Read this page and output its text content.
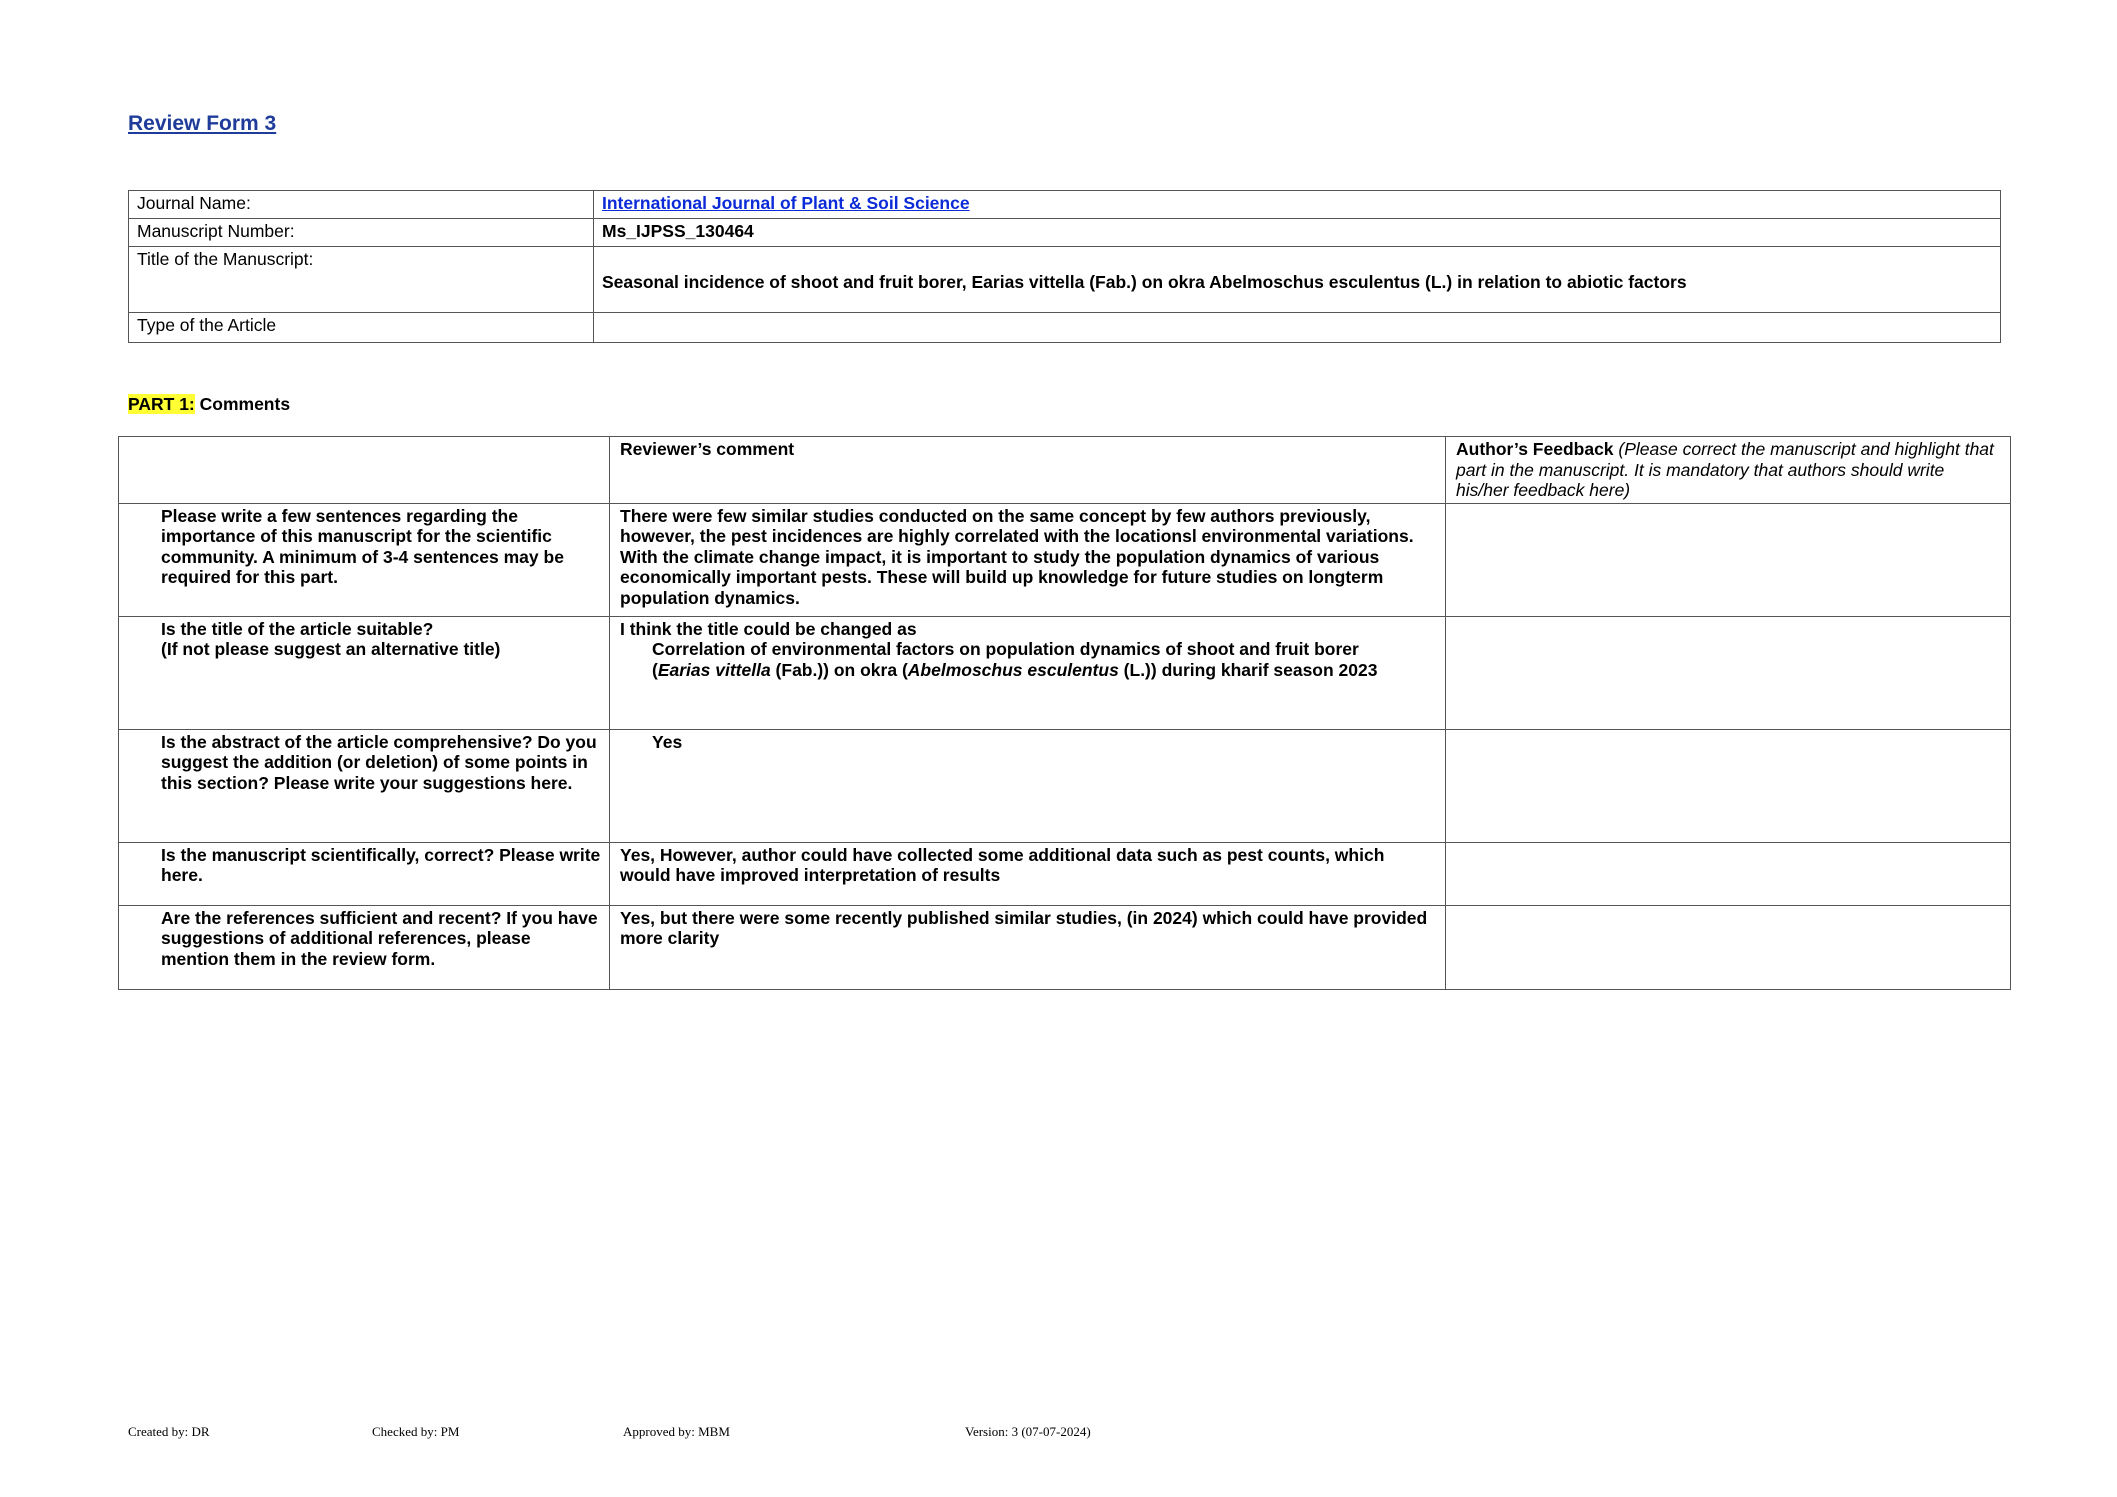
Review Form 3
Journal Name:	International Journal of Plant & Soil Science
Manuscript Number:	Ms_IJPSS_130464
Title of the Manuscript:	Seasonal incidence of shoot and fruit borer, Earias vittella (Fab.) on okra Abelmoschus esculentus (L.) in relation to abiotic factors
Type of the Article	
PART 1: Comments
	Reviewer’s comment	Author’s Feedback (Please correct the manuscript and highlight that part in the manuscript. It is mandatory that authors should write his/her feedback here)
Please write a few sentences regarding the importance of this manuscript for the scientific community. A minimum of 3-4 sentences may be required for this part.	There were few similar studies conducted on the same concept by few authors previously, however, the pest incidences are highly correlated with the locationsl environmental variations. With the climate change impact, it is important to study the population dynamics of various economically important pests. These will build up knowledge for future studies on longterm population dynamics.	

Is the title of the article suitable?
(If not please suggest an alternative title)	I think the title could be changed as
Correlation of environmental factors on population dynamics of shoot and fruit borer
(Earias vittella (Fab.)) on okra (Abelmoschus esculentus (L.)) during kharif season 2023	

Is the abstract of the article comprehensive? Do you suggest the addition (or deletion) of some points in this section? Please write your suggestions here.	Yes	

Is the manuscript scientifically, correct? Please write here.	Yes, However, author could have collected some additional data such as pest counts, which would have improved interpretation of results	
Are the references sufficient and recent? If you have suggestions of additional references, please mention them in the review form.	Yes, but there were some recently published similar studies, (in 2024) which could have provided more clarity	
Created by: DR	Checked by: PM	Approved by: MBM	Version: 3 (07-07-2024)
